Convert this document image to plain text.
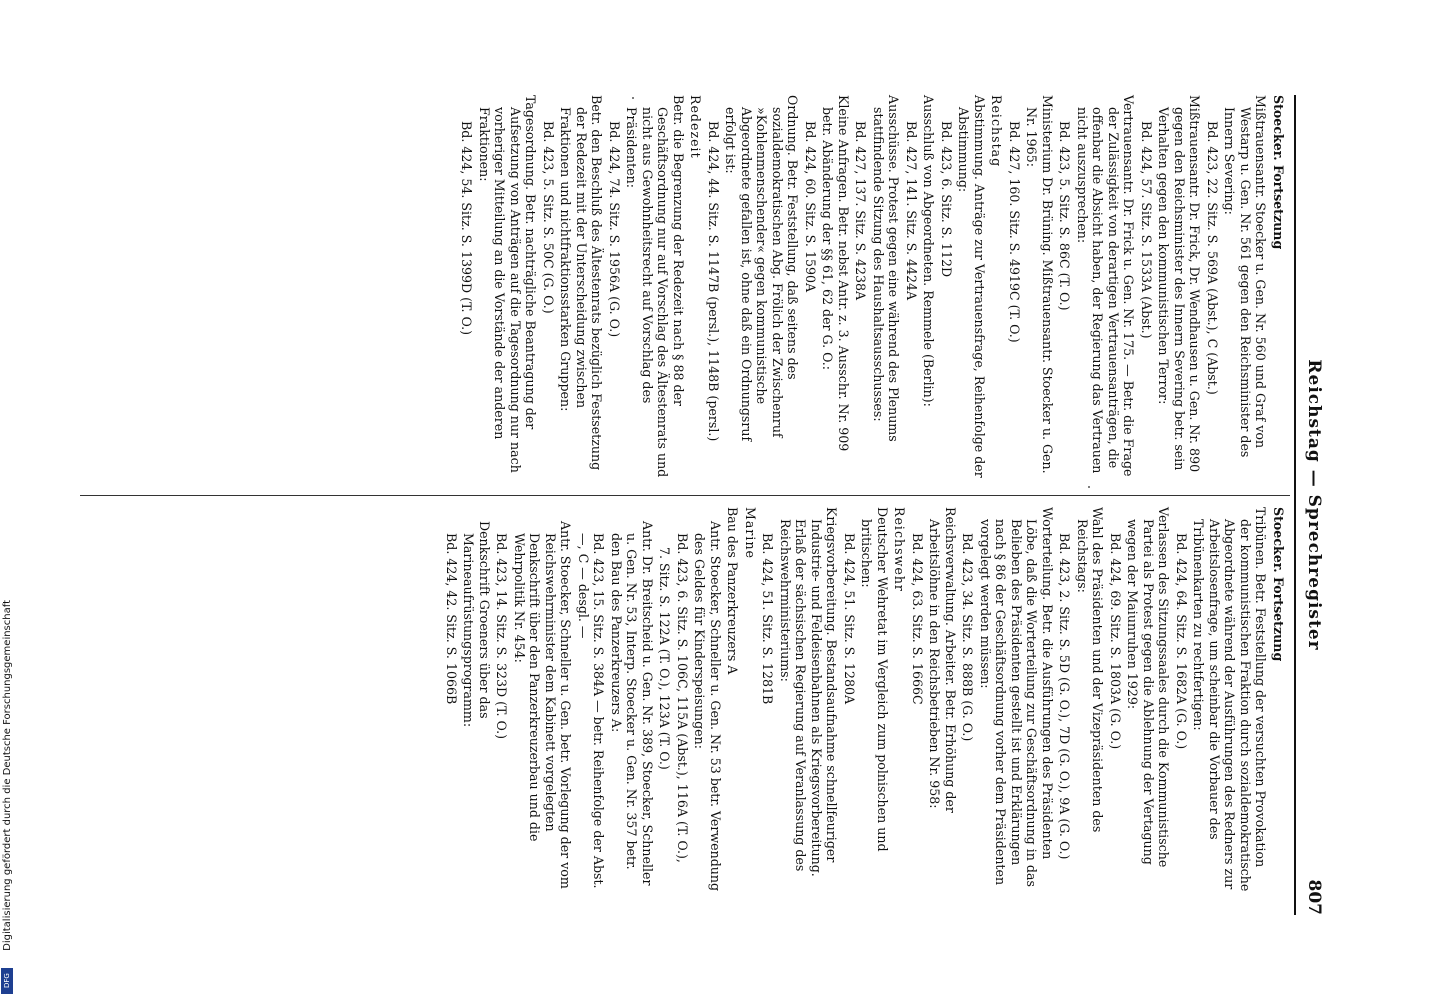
Reichstag — Sprechregister
807

Stoecker. Fortsetzung

Mißtrauensantr. Stoecker u. Gen. Nr. 560 und Graf von Westarp u. Gen. Nr. 561 gegen den Reichsminister des Innern Severing:

Bd. 423, 22. Sitz. S. 569A (Abst.), C (Abst.)

Mißtrauensantr. Dr. Frick, Dr. Wendhausen u. Gen. Nr. 890 gegen den Reichsminister des Innern Severing betr. sein Verhalten gegen den kommunistischen Terror:

Bd. 424, 57. Sitz. S. 1533A (Abst.)

Vertrauensantr. Dr. Frick u. Gen. Nr. 175. — Betr. die Frage der Zulässigkeit von derartigen Vertrauensanträgen, die offenbar die Absicht haben, der Regierung das Vertrauen nicht auszusprechen:

Bd. 423, 5. Sitz. S. 86C (T. O.)

Ministerium Dr. Brüning. Mißtrauensantr. Stoecker u. Gen. Nr. 1965:

Bd. 427, 160. Sitz. S. 4919C (T. O.)

Reichstag

Abstimmung. Anträge zur Vertrauensfrage, Reihenfolge der Abstimmung:

Bd. 423, 6. Sitz. S. 112D

Ausschluß von Abgeordneten. Remmele (Berlin):

Bd. 427, 141. Sitz. S. 4424A

Ausschüsse. Protest gegen eine während des Plenums stattfindende Sitzung des Haushaltsausschusses:

Bd. 427, 137. Sitz. S. 4238A

Kleine Anfragen. Betr. nebst Antr. z. 3. Ausschr. Nr. 909 betr. Abänderung der §§ 61, 62 der G. O.:

Bd. 424, 60. Sitz. S. 1590A

Ordnung. Betr. Feststellung, daß seitens des sozialdemokratischen Abg. Frölich der Zwischenruf »Kohlenmenschender« gegen kommunistische Abgeordnete gefallen ist, ohne daß ein Ordnungsruf erfolgt ist:

Bd. 424, 44. Sitz. S. 1147B (persl.), 1148B (persl.)

Redezeit

Betr. die Begrenzung der Redezeit nach § 88 der Geschäftsordnung nur auf Vorschlag des Ältestenrats und nicht aus Gewohnheitsrecht auf Vorschlag des Präsidenten:

Bd. 424, 74. Sitz. S. 1956A (G. O.)

Betr. den Beschluß des Ältestenrats bezüglich Festsetzung der Redezeit mit der Unterscheidung zwischen Fraktionen und nichtfraktionsstarken Gruppen:

Bd. 423, 5. Sitz. S. 50C (G. O.)

Tagesordnung. Betr. nachträgliche Beantragung der Aufsetzung von Anträgen auf die Tagesordnung nur nach vorheriger Mitteilung an die Vorstände der anderen Fraktionen:

Bd. 424, 54. Sitz. S. 1399D (T. O.)

Stoecker. Fortsetzung

Tribünen. Betr. Feststellung der versuchten Provokation der kommunistischen Fraktion durch sozialdemokratische Abgeordnete während der Ausführungen des Redners zur Arbeitslosenfrage, um scheinbar die Vorbauer des Tribünenkarten zu rechtfertigen:

Bd. 424, 64. Sitz. S. 1682A (G. O.)

Verlassen des Sitzungssaales durch die Kommunistische Partei als Protest gegen die Ablehnung der Vertagung wegen der Maiunruhen 1929:

Bd. 424, 69. Sitz. S. 1803A (G. O.)

Wahl des Präsidenten und der Vizepräsidenten des Reichstags:

Bd. 423, 2. Sitz. S. 5D (G. O.), 7D (G. O.), 9A (G. O.)

Worterteilung. Betr. die Ausführungen des Präsidenten Löbe, daß die Worterteilung zur Geschäftsordnung in das Belieben des Präsidenten gestellt ist und Erklärungen nach § 86 der Geschäftsordnung vorher dem Präsidenten vorgelegt werden müssen:

Bd. 423, 34. Sitz. S. 888B (G. O.)

Reichsverwaltung. Arbeiter. Betr. Erhöhung der Arbeitslöhne in den Reichsbetrieben Nr. 958:

Bd. 424, 63. Sitz. S. 1666C

Reichswehr

Deutscher Wehretat im Vergleich zum polnischen und britischen:

Bd. 424, 51. Sitz. S. 1280A

Kriegsvorbereitung. Bestandsaufnahme schnellfeuriger Industrie- und Feldeisenbahnen als Kriegsvorbereitung. Erlaß der sächsischen Regierung auf Veranlassung des Reichswehrministeriums:

Bd. 424, 51. Sitz. S. 1281B

Marine

Bau des Panzerkreuzers A

Antr. Stoecker, Schneller u. Gen. Nr. 53 betr. Verwendung des Geldes für Kinderspeisungen:

Bd. 423, 6. Sitz. S. 106C, 115A (Abst.), 116A (T. O.),

7. Sitz. S. 122A (T. O.), 123A (T. O.)

Antr. Dr. Breitscheid u. Gen. Nr. 389, Stoecker, Schneller u. Gen. Nr. 53, Interp. Stoecker u. Gen. Nr. 357 betr. den Bau des Panzerkreuzers A:

Bd. 423, 15. Sitz. S. 384A — betr. Reihenfolge der Abst. —, C — desgl. —

Antr. Stoecker, Schneller u. Gen. betr. Vorlegung der vom Reichswehrminister dem Kabinett vorgelegten Denkschrift über den Panzerkreuzerbau und die Wehrpolitik Nr. 454:

Bd. 423, 14. Sitz. S. 323D (T. O.)

Denkschrift Groeners über das Marineaufrüstungsprogramm:

Bd. 424, 42. Sitz. S. 1066B

Digitalisierung gefördert durch die Deutsche Forschungsgemeinschaft
DFG
